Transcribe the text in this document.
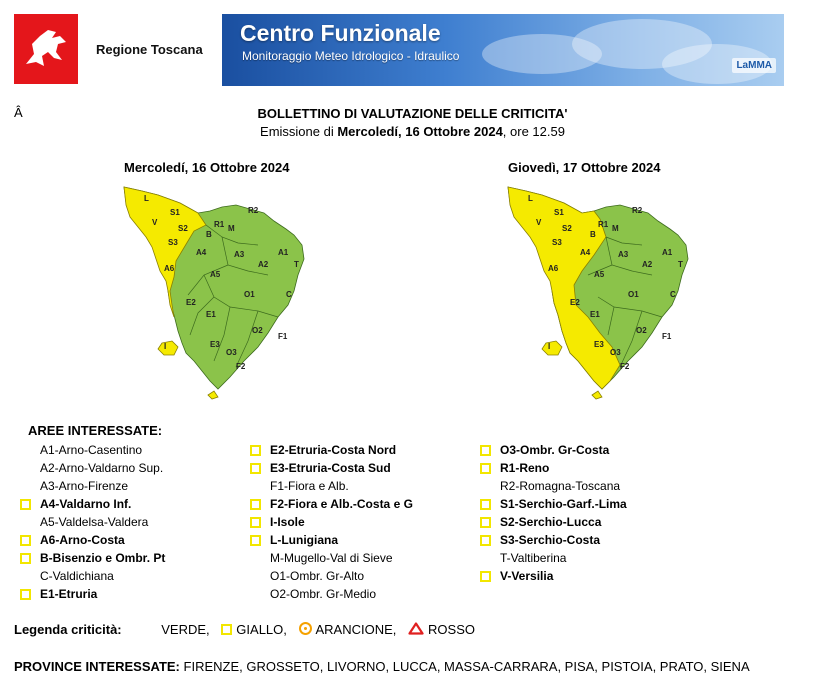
Regione Toscana
Centro Funzionale
Monitoraggio Meteo Idrologico - Idraulico
LaMMA
Â	BOLLETTINO DI VALUTAZIONE DELLE CRITICITA'
Emissione di Mercoledí, 16 Ottobre 2024, ore 12.59
Mercoledí, 16 Ottobre 2024	Giovedì, 17 Ottobre 2024
L
S1
V
S2
S3
A6
R2
R1 M
B
A3
A4	A1
A2	T
A5
O1	C
E2
E1
O2
E3
O3
F1
F2
I
L
S1
V
S2
S3
A6
R2
R1 M
B
A3
A4	A1
A2	T
A5
O1	C
E2
E1
O2
E3
O3
F1
F2
I
AREE INTERESSATE:
A1-Arno-Casentino
A2-Arno-Valdarno Sup.
A3-Arno-Firenze
A4-Valdarno Inf.
A5-Valdelsa-Valdera
A6-Arno-Costa
B-Bisenzio e Ombr. Pt
C-Valdichiana
E1-Etruria
E2-Etruria-Costa Nord
E3-Etruria-Costa Sud
F1-Fiora e Alb.
F2-Fiora e Alb.-Costa e G
I-Isole
L-Lunigiana
M-Mugello-Val di Sieve
O1-Ombr. Gr-Alto
O2-Ombr. Gr-Medio
O3-Ombr. Gr-Costa
R1-Reno
R2-Romagna-Toscana
S1-Serchio-Garf.-Lima
S2-Serchio-Lucca
S3-Serchio-Costa
T-Valtiberina
V-Versilia
Legenda criticità:	VERDE, GIALLO, ARANCIONE, ROSSO
PROVINCE INTERESSATE: FIRENZE, GROSSETO, LIVORNO, LUCCA, MASSA-CARRARA, PISA, PISTOIA, PRATO, SIENA
